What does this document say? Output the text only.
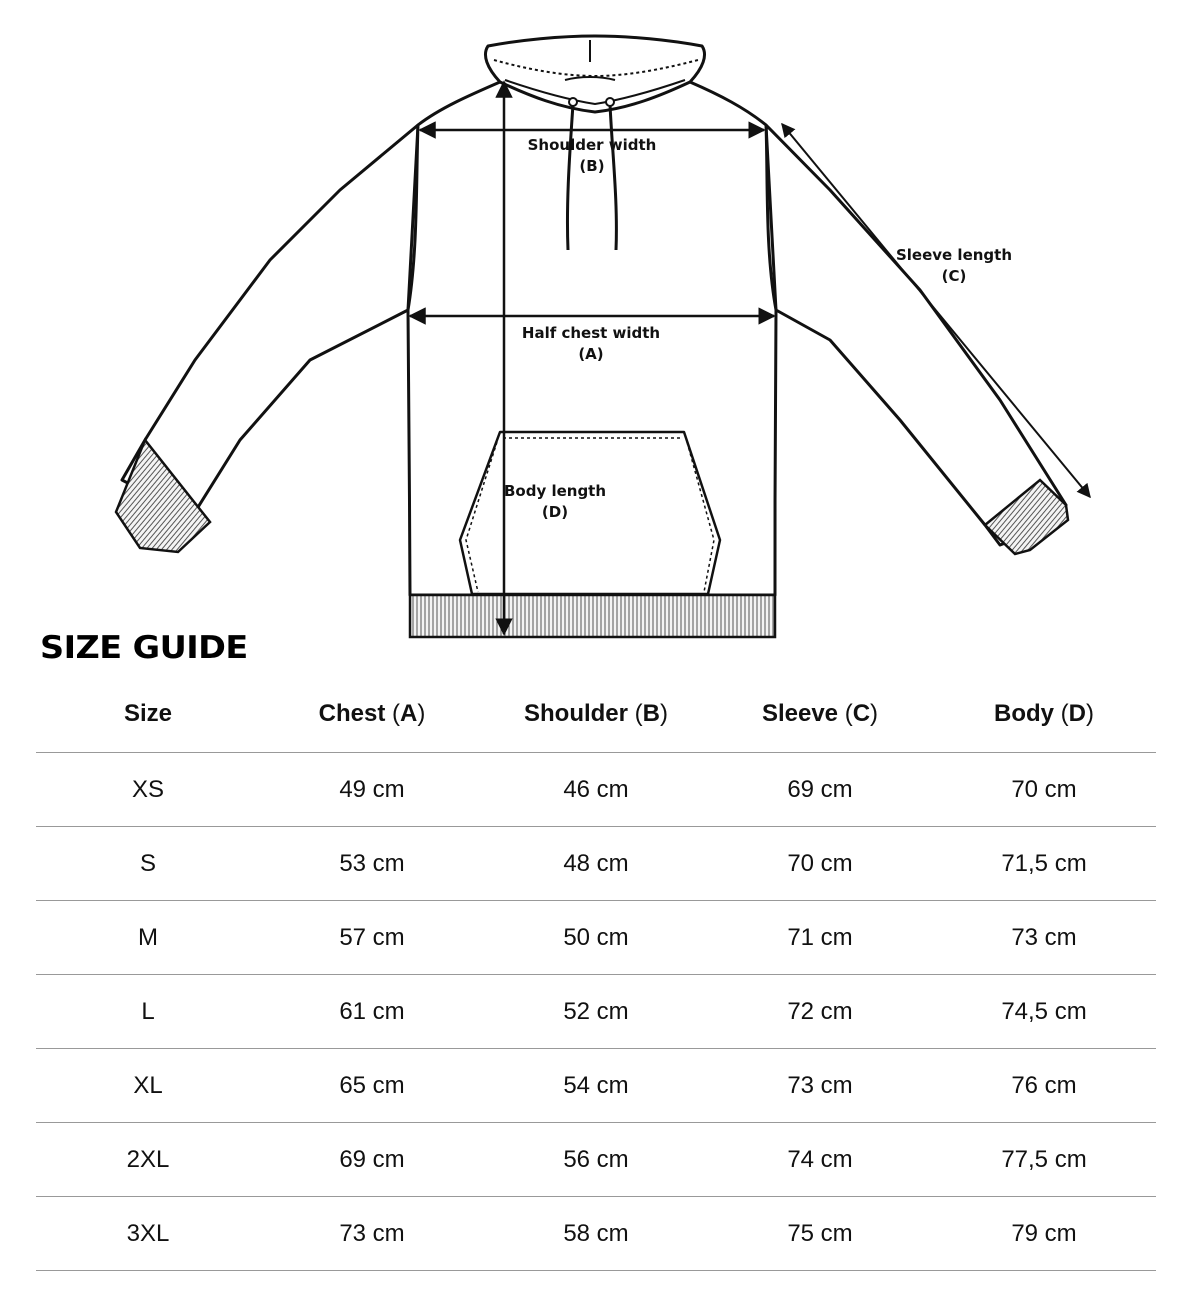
Shoulder width
(B)
Sleeve length
(C)
Half chest width
(A)
Body length
(D)
SIZE GUIDE
Size	Chest (A)	Shoulder (B)	Sleeve (C)	Body (D)
XS	49 cm	46 cm	69 cm	70 cm
S	53 cm	48 cm	70 cm	71,5 cm
M	57 cm	50 cm	71 cm	73 cm
L	61 cm	52 cm	72 cm	74,5 cm
XL	65 cm	54 cm	73 cm	76 cm
2XL	69 cm	56 cm	74 cm	77,5 cm
3XL	73 cm	58 cm	75 cm	79 cm
